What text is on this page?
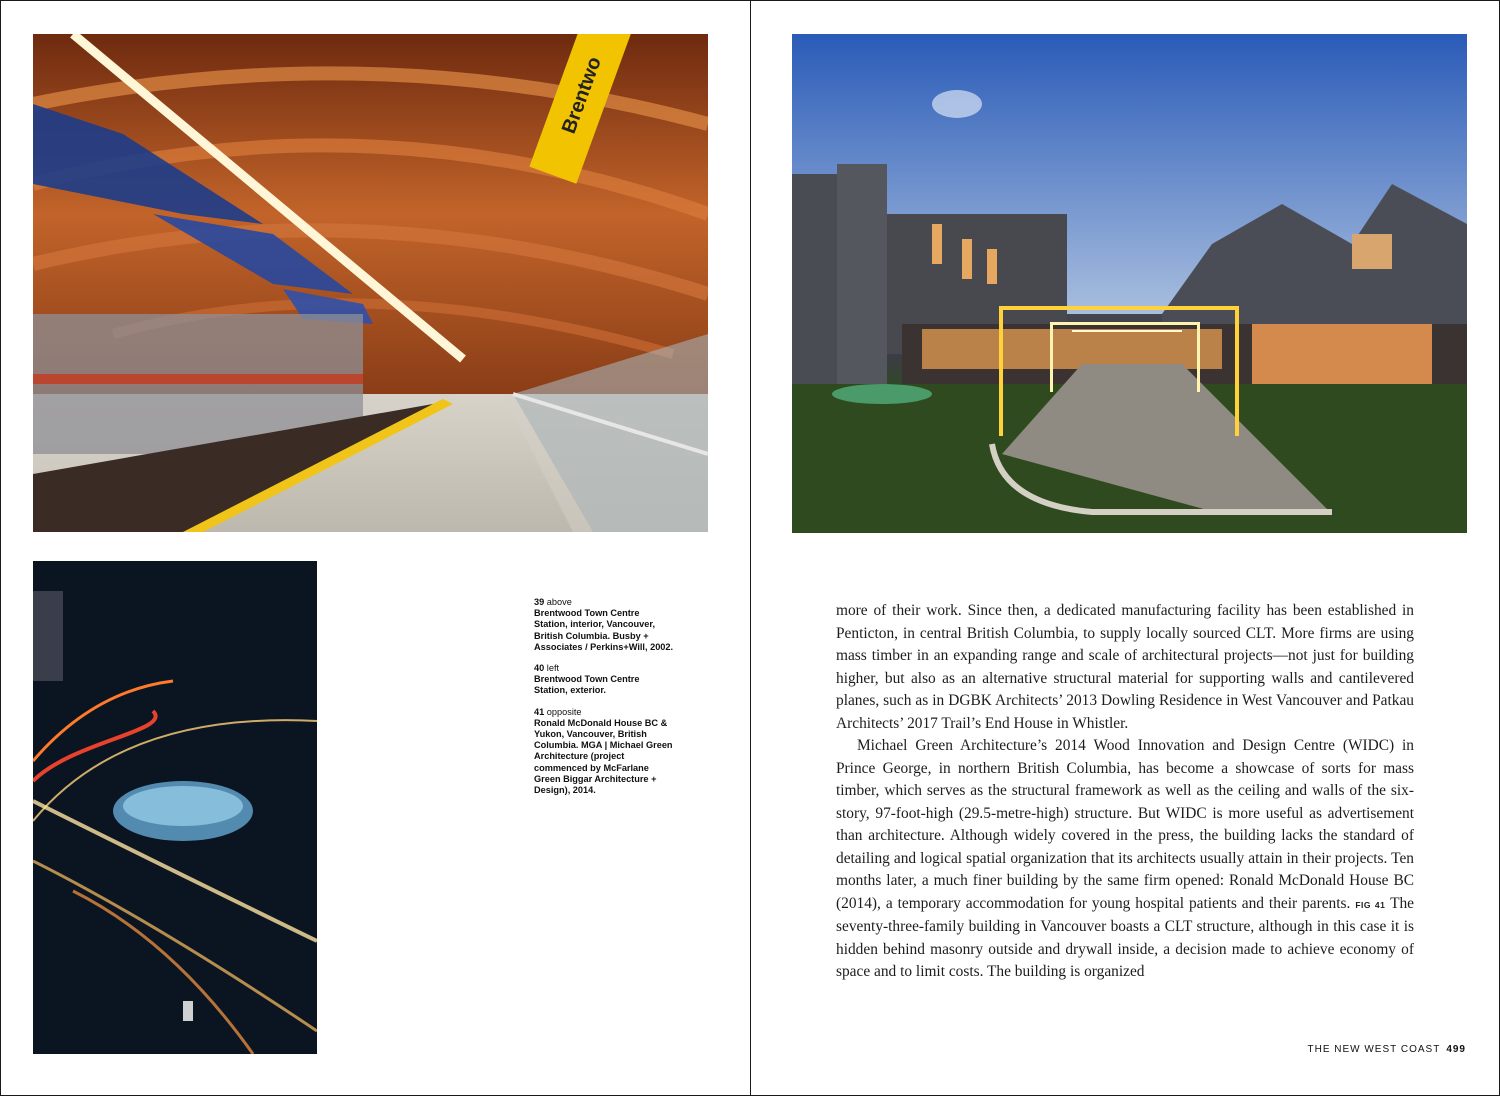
Brentwo
39 above
Brentwood Town Centre Station, interior, Vancouver, British Columbia. Busby + Associates / Perkins+Will, 2002.
40 left
Brentwood Town Centre Station, exterior.
41 opposite
Ronald McDonald House BC & Yukon, Vancouver, British Columbia. MGA | Michael Green Architecture (project commenced by McFarlane Green Biggar Architecture + Design), 2014.

more of their work. Since then, a dedicated manufacturing facility has been established in Penticton, in central British Columbia, to supply locally sourced CLT. More firms are using mass timber in an expanding range and scale of architectural projects—not just for building higher, but also as an alternative structural material for supporting walls and cantilevered planes, such as in DGBK Architects’ 2013 Dowling Residence in West Vancouver and Patkau Architects’ 2017 Trail’s End House in Whistler.

Michael Green Architecture’s 2014 Wood Innovation and Design Centre (WIDC) in Prince George, in northern British Columbia, has become a showcase of sorts for mass timber, which serves as the structural framework as well as the ceiling and walls of the six-story, 97-foot-high (29.5-metre-high) structure. But WIDC is more useful as advertisement than architecture. Although widely covered in the press, the building lacks the standard of detailing and logical spatial organization that its architects usually attain in their projects. Ten months later, a much finer building by the same firm opened: Ronald McDonald House BC (2014), a temporary accommodation for young hospital patients and their parents. FIG 41 The seventy-three-family building in Vancouver boasts a CLT structure, although in this case it is hidden behind masonry outside and drywall inside, a decision made to achieve economy of space and to limit costs. The building is organized

THE NEW WEST COAST 499
